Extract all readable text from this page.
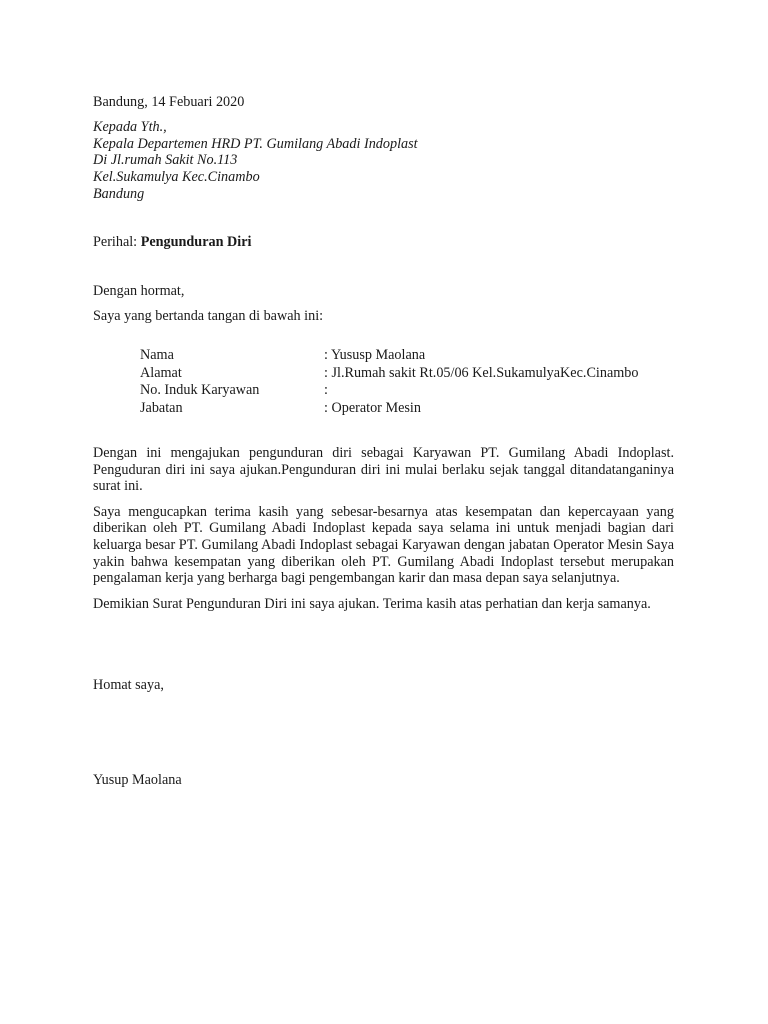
Bandung, 14 Febuari 2020
Kepada Yth.,
Kepala Departemen HRD PT. Gumilang Abadi Indoplast
Di Jl.rumah Sakit No.113
Kel.Sukamulya Kec.Cinambo
Bandung
Perihal: Pengunduran Diri
Dengan hormat,
Saya yang bertanda tangan di bawah ini:
Nama	: Yususp Maolana
Alamat	: Jl.Rumah sakit Rt.05/06 Kel.SukamulyaKec.Cinambo
No. Induk Karyawan	:
Jabatan	: Operator Mesin

Dengan ini mengajukan pengunduran diri sebagai Karyawan PT. Gumilang Abadi Indoplast. Penguduran diri ini saya ajukan.Pengunduran diri ini mulai berlaku sejak tanggal ditandatanganinya surat ini.

Saya mengucapkan terima kasih yang sebesar-besarnya atas kesempatan dan kepercayaan yang diberikan oleh PT. Gumilang Abadi Indoplast kepada saya selama ini untuk menjadi bagian dari keluarga besar PT. Gumilang Abadi Indoplast sebagai Karyawan dengan jabatan Operator Mesin Saya yakin bahwa kesempatan yang diberikan oleh PT. Gumilang Abadi Indoplast tersebut merupakan pengalaman kerja yang berharga bagi pengembangan karir dan masa depan saya selanjutnya.

Demikian Surat Pengunduran Diri ini saya ajukan. Terima kasih atas perhatian dan kerja samanya.

Homat saya,
Yusup Maolana
